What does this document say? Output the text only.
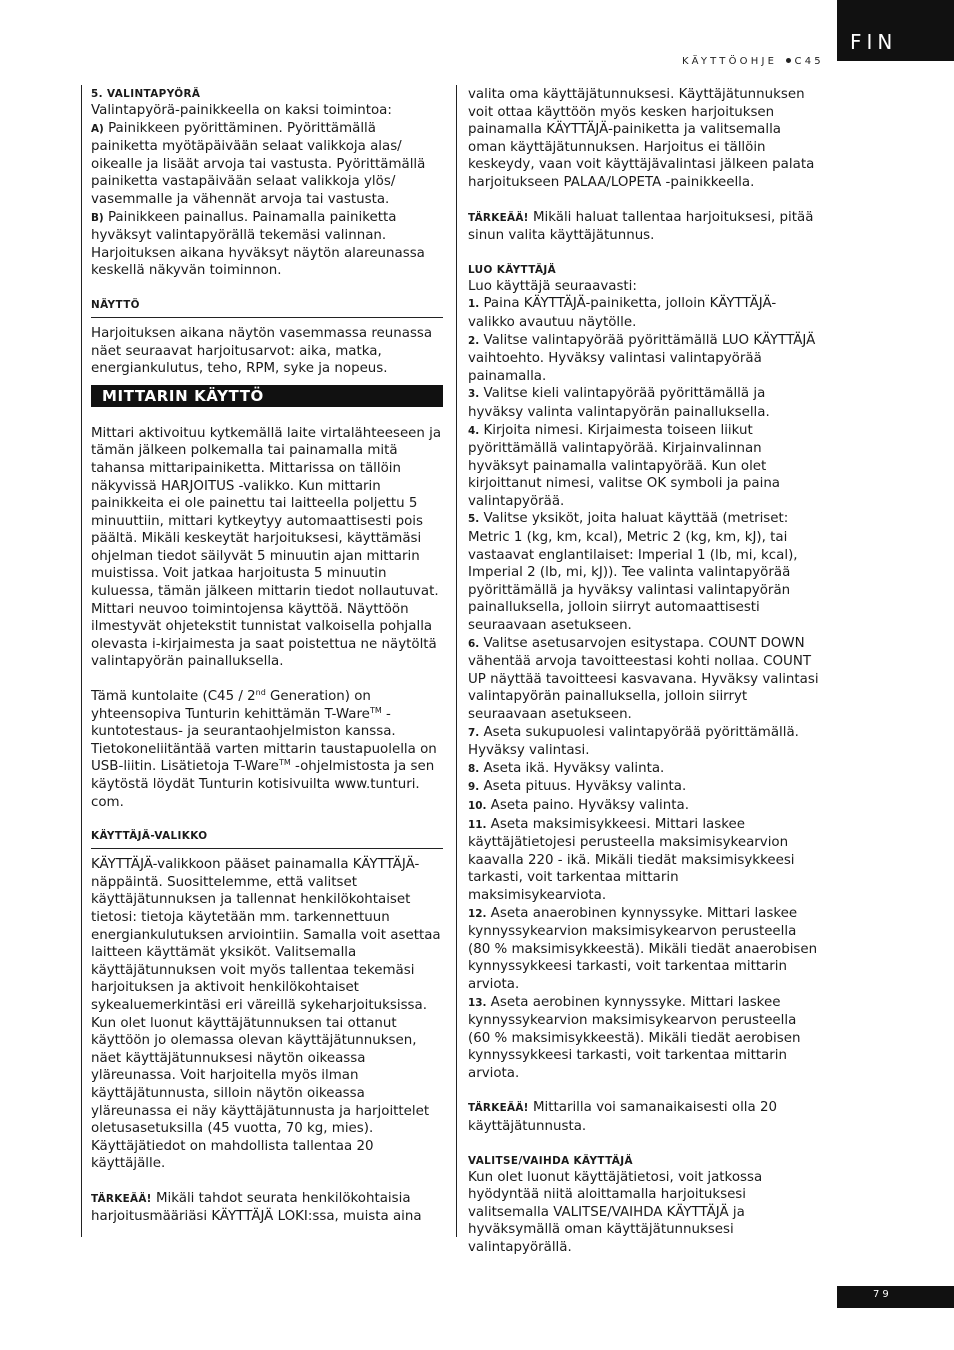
FIN
KÄYTTÖOHJE C45
5. VALINTAPYÖRÄ

Valintapyörä-painikkeella on kaksi toimintoa:

A) Painikkeen pyörittäminen. Pyörittämällä painiketta myötäpäivään selaat valikkoja alas/ oikealle ja lisäät arvoja tai vastusta. Pyörittämällä painiketta vastapäivään selaat valikkoja ylös/ vasemmalle ja vähennät arvoja tai vastusta.

B) Painikkeen painallus. Painamalla painiketta hyväksyt valintapyörällä tekemäsi valinnan. Harjoituksen aikana hyväksyt näytön alareunassa keskellä näkyvän toiminnon.

NÄYTTÖ

Harjoituksen aikana näytön vasemmassa reunassa näet seuraavat harjoitusarvot: aika, matka, energiankulutus, teho, RPM, syke ja nopeus.

MITTARIN KÄYTTÖ

Mittari aktivoituu kytkemällä laite virtalähteeseen ja tämän jälkeen polkemalla tai painamalla mitä tahansa mittaripainiketta. Mittarissa on tällöin näkyvissä HARJOITUS -valikko. Kun mittarin painikkeita ei ole painettu tai laitteella poljettu 5 minuuttiin, mittari kytkeytyy automaattisesti pois päältä. Mikäli keskeytät harjoituksesi, käyttämäsi ohjelman tiedot säilyvät 5 minuutin ajan mittarin muistissa. Voit jatkaa harjoitusta 5 minuutin kuluessa, tämän jälkeen mittarin tiedot nollautuvat. Mittari neuvoo toimintojensa käyttöä. Näyttöön ilmestyvät ohjetekstit tunnistat valkoisella pohjalla olevasta i-kirjaimesta ja saat poistettua ne näytöltä valintapyörän painalluksella.

Tämä kuntolaite (C45 / 2nd Generation) on yhteensopiva Tunturin kehittämän T-Ware™ -kuntotestaus- ja seurantaohjelmiston kanssa. Tietokoneliitäntää varten mittarin taustapuolella on USB-liitin. Lisätietoja T-Ware™ -ohjelmistosta ja sen käytöstä löydät Tunturin kotisivuilta www.tunturi. com.

KÄYTTÄJÄ-VALIKKO

KÄYTTÄJÄ-valikkoon pääset painamalla KÄYTTÄJÄ-näppäintä. Suosittelemme, että valitset käyttäjätunnuksen ja tallennat henkilökohtaiset tietosi: tietoja käytetään mm. tarkennettuun energiankulutuksen arviointiin. Samalla voit asettaa laitteen käyttämät yksiköt. Valitsemalla käyttäjätunnuksen voit myös tallentaa tekemäsi harjoituksen ja aktivoit henkilökohtaiset sykealuemerkintäsi eri väreillä sykeharjoituksissa. Kun olet luonut käyttäjätunnuksen tai ottanut käyttöön jo olemassa olevan käyttäjätunnuksen, näet käyttäjätunnuksesi näytön oikeassa yläreunassa. Voit harjoitella myös ilman käyttäjätunnusta, silloin näytön oikeassa yläreunassa ei näy käyttäjätunnusta ja harjoittelet oletusasetuksilla (45 vuotta, 70 kg, mies). Käyttäjätiedot on mahdollista tallentaa 20 käyttäjälle.

TÄRKEÄÄ! Mikäli tahdot seurata henkilökohtaisia harjoitusmääriäsi KÄYTTÄJÄ LOKI:ssa, muista aina

valita oma käyttäjätunnuksesi. Käyttäjätunnuksen voit ottaa käyttöön myös kesken harjoituksen painamalla KÄYTTÄJÄ-painiketta ja valitsemalla oman käyttäjätunnuksen. Harjoitus ei tällöin keskeydy, vaan voit käyttäjävalintasi jälkeen palata harjoitukseen PALAA/LOPETA -painikkeella.

TÄRKEÄÄ! Mikäli haluat tallentaa harjoituksesi, pitää sinun valita käyttäjätunnus.

LUO KÄYTTÄJÄ

Luo käyttäjä seuraavasti:

1. Paina KÄYTTÄJÄ-painiketta, jolloin KÄYTTÄJÄ-valikko avautuu näytölle.

2. Valitse valintapyörää pyörittämällä LUO KÄYTTÄJÄ vaihtoehto. Hyväksy valintasi valintapyörää painamalla.

3. Valitse kieli valintapyörää pyörittämällä ja hyväksy valinta valintapyörän painalluksella.

4. Kirjoita nimesi. Kirjaimesta toiseen liikut pyörittämällä valintapyörää. Kirjainvalinnan hyväksyt painamalla valintapyörää. Kun olet kirjoittanut nimesi, valitse OK symboli ja paina valintapyörää.

5. Valitse yksiköt, joita haluat käyttää (metriset: Metric 1 (kg, km, kcal), Metric 2 (kg, km, kJ), tai vastaavat englantilaiset: Imperial 1 (lb, mi, kcal), Imperial 2 (lb, mi, kJ)). Tee valinta valintapyörää pyörittämällä ja hyväksy valintasi valintapyörän painalluksella, jolloin siirryt automaattisesti seuraavaan asetukseen.

6. Valitse asetusarvojen esitystapa. COUNT DOWN vähentää arvoja tavoitteestasi kohti nollaa. COUNT UP näyttää tavoitteesi kasvavana. Hyväksy valintasi valintapyörän painalluksella, jolloin siirryt seuraavaan asetukseen.

7. Aseta sukupuolesi valintapyörää pyörittämällä. Hyväksy valintasi.

8. Aseta ikä. Hyväksy valinta.

9. Aseta pituus. Hyväksy valinta.

10. Aseta paino. Hyväksy valinta.

11. Aseta maksimisykkeesi. Mittari laskee käyttäjätietojesi perusteella maksimisykearvion kaavalla 220 - ikä. Mikäli tiedät maksimisykkeesi tarkasti, voit tarkentaa mittarin maksimisykearviota.

12. Aseta anaerobinen kynnyssyke. Mittari laskee kynnyssykearvion maksimisykearvon perusteella (80 % maksimisykkeestä). Mikäli tiedät anaerobisen kynnyssykkeesi tarkasti, voit tarkentaa mittarin arviota.

13. Aseta aerobinen kynnyssyke. Mittari laskee kynnyssykearvion maksimisykearvon perusteella (60 % maksimisykkeestä). Mikäli tiedät aerobisen kynnyssykkeesi tarkasti, voit tarkentaa mittarin arviota.

TÄRKEÄÄ! Mittarilla voi samanaikaisesti olla 20 käyttäjätunnusta.

VALITSE/VAIHDA KÄYTTÄJÄ

Kun olet luonut käyttäjätietosi, voit jatkossa hyödyntää niitä aloittamalla harjoituksesi valitsemalla VALITSE/VAIHDA KÄYTTÄJÄ ja hyväksymällä oman käyttäjätunnuksesi valintapyörällä.

79
